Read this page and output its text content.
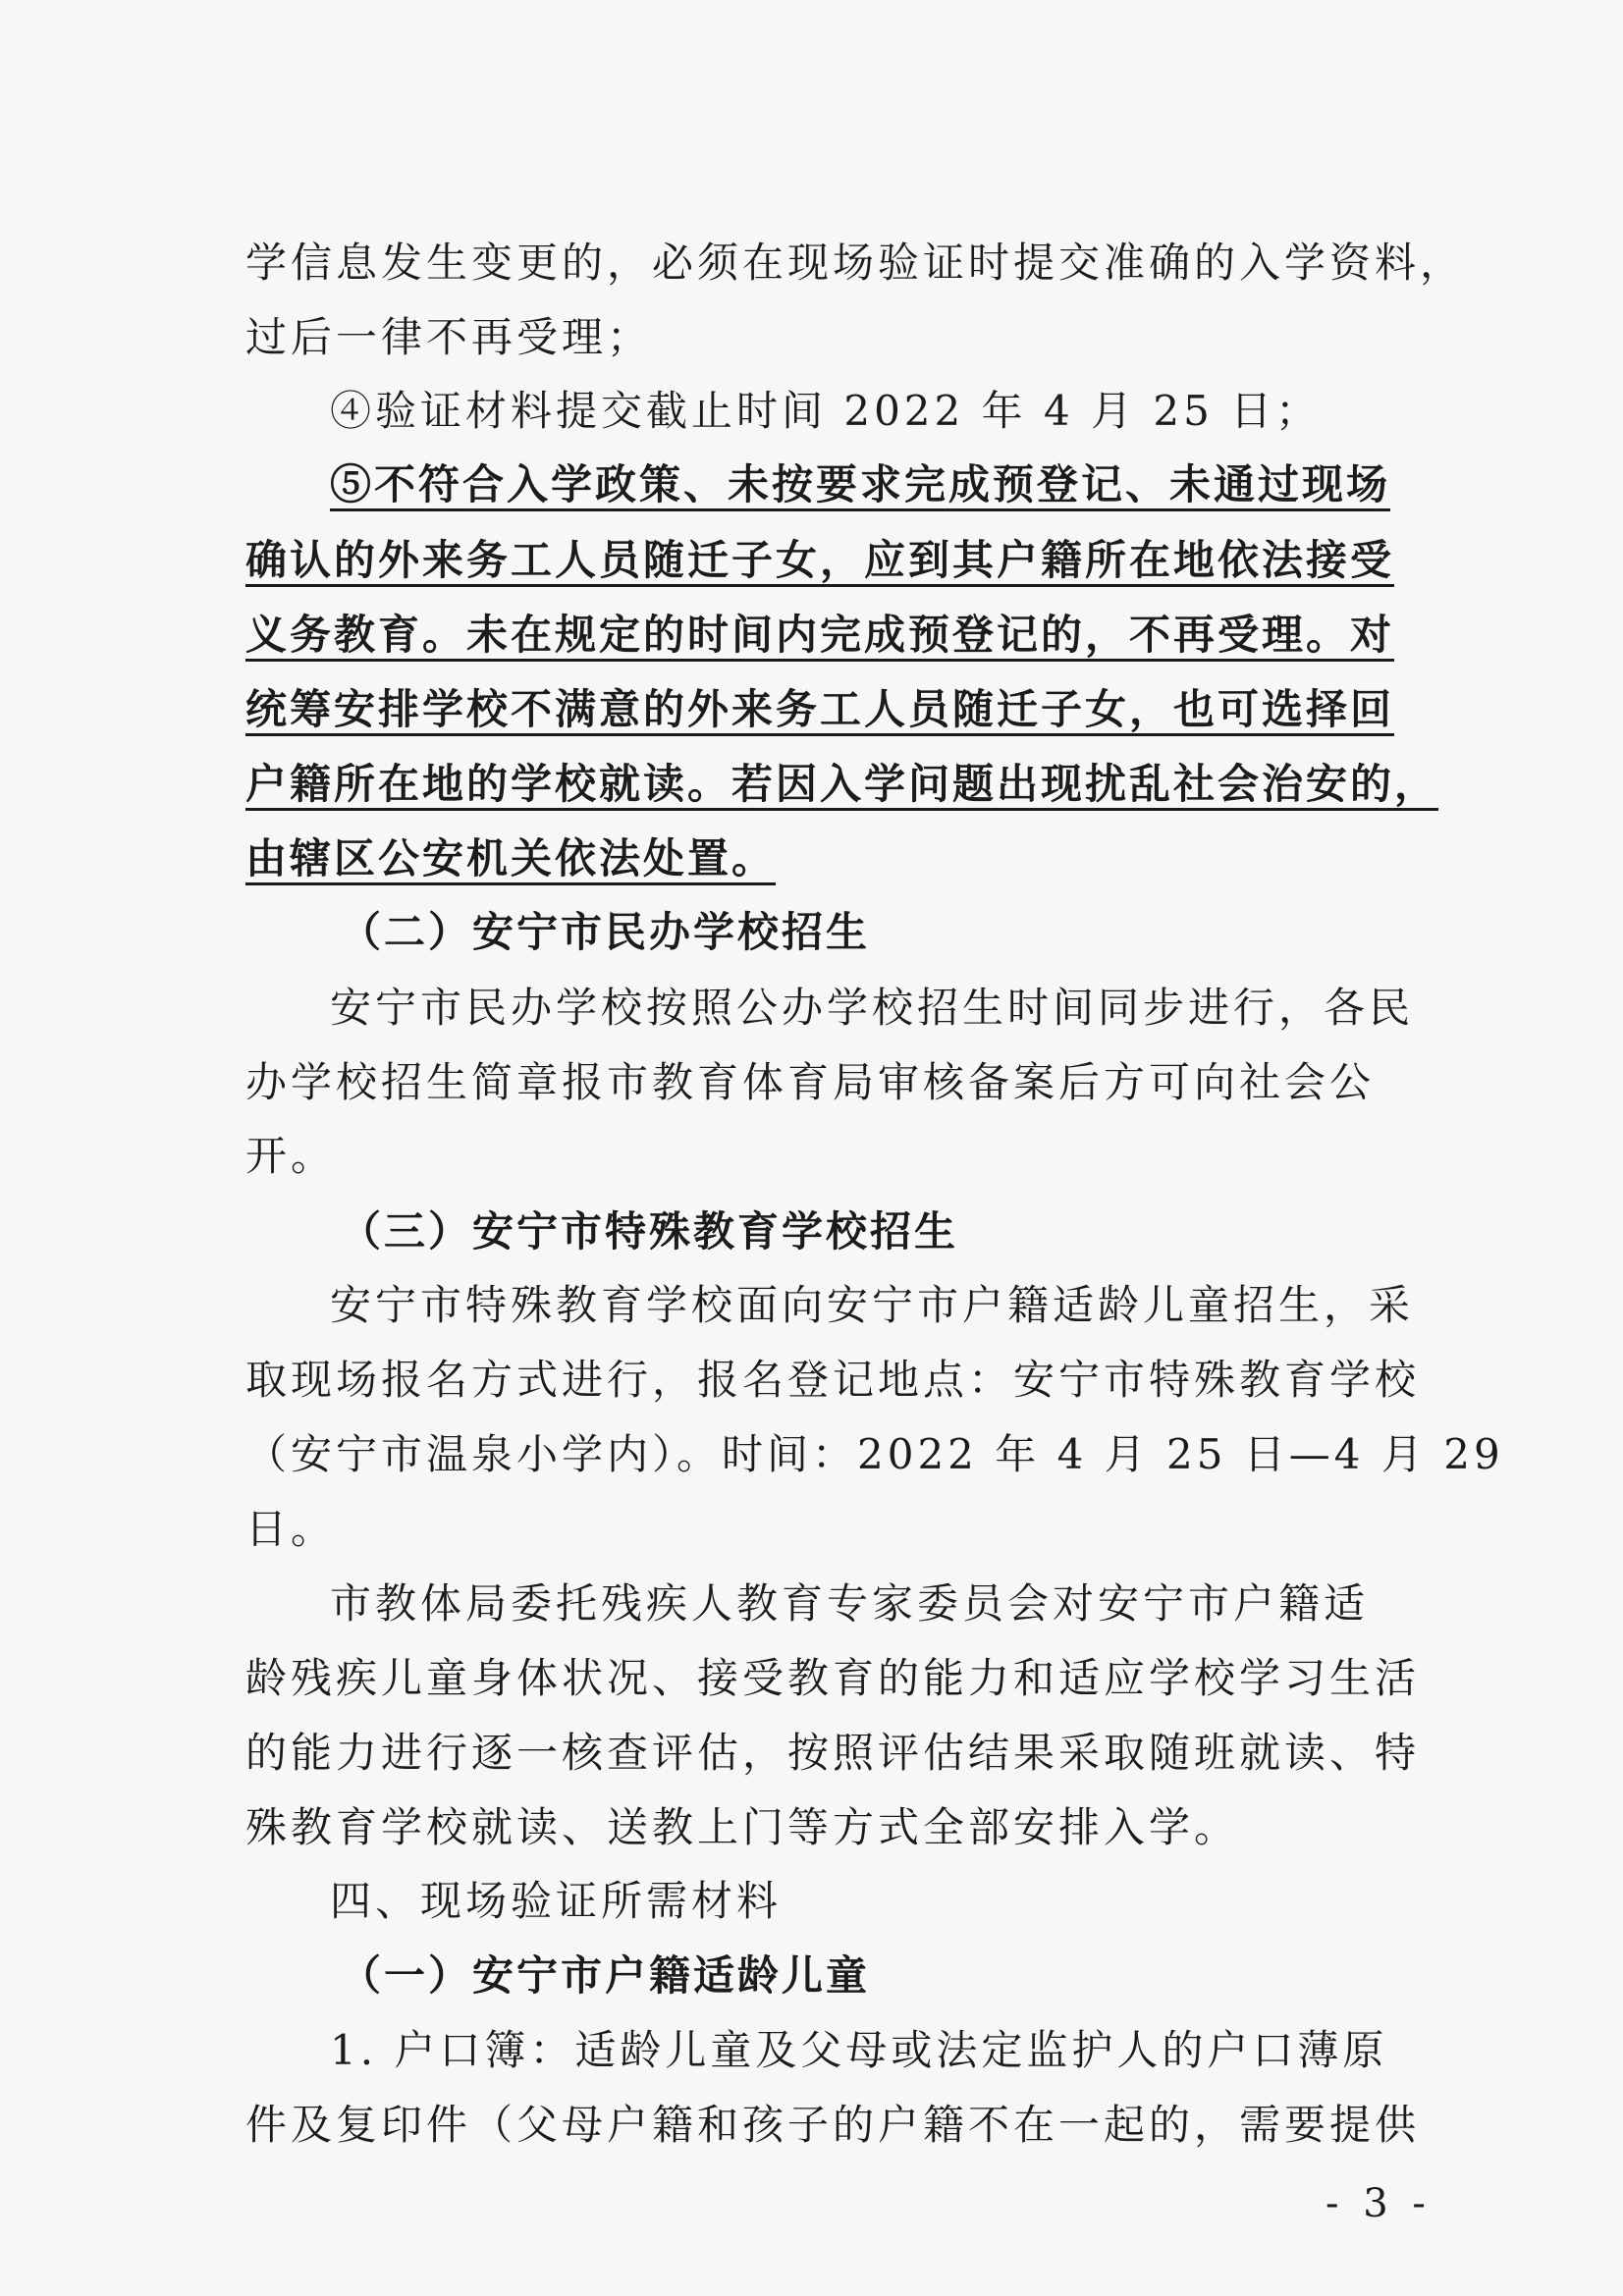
学信息发生变更的，必须在现场验证时提交准确的入学资料，
过后一律不再受理；
④验证材料提交截止时间 2022 年 4 月 25 日；
⑤不符合入学政策、未按要求完成预登记、未通过现场
确认的外来务工人员随迁子女，应到其户籍所在地依法接受
义务教育。未在规定的时间内完成预登记的，不再受理。对
统筹安排学校不满意的外来务工人员随迁子女，也可选择回
户籍所在地的学校就读。若因入学问题出现扰乱社会治安的，
由辖区公安机关依法处置。
（二）安宁市民办学校招生
安宁市民办学校按照公办学校招生时间同步进行，各民
办学校招生简章报市教育体育局审核备案后方可向社会公
开。
（三）安宁市特殊教育学校招生
安宁市特殊教育学校面向安宁市户籍适龄儿童招生，采
取现场报名方式进行，报名登记地点：安宁市特殊教育学校
（安宁市温泉小学内）。时间：2022 年 4 月 25 日—4 月 29
日。
市教体局委托残疾人教育专家委员会对安宁市户籍适
龄残疾儿童身体状况、接受教育的能力和适应学校学习生活
的能力进行逐一核查评估，按照评估结果采取随班就读、特
殊教育学校就读、送教上门等方式全部安排入学。
四、现场验证所需材料
（一）安宁市户籍适龄儿童
1. 户口簿：适龄儿童及父母或法定监护人的户口薄原
件及复印件（父母户籍和孩子的户籍不在一起的，需要提供
- 3 -
